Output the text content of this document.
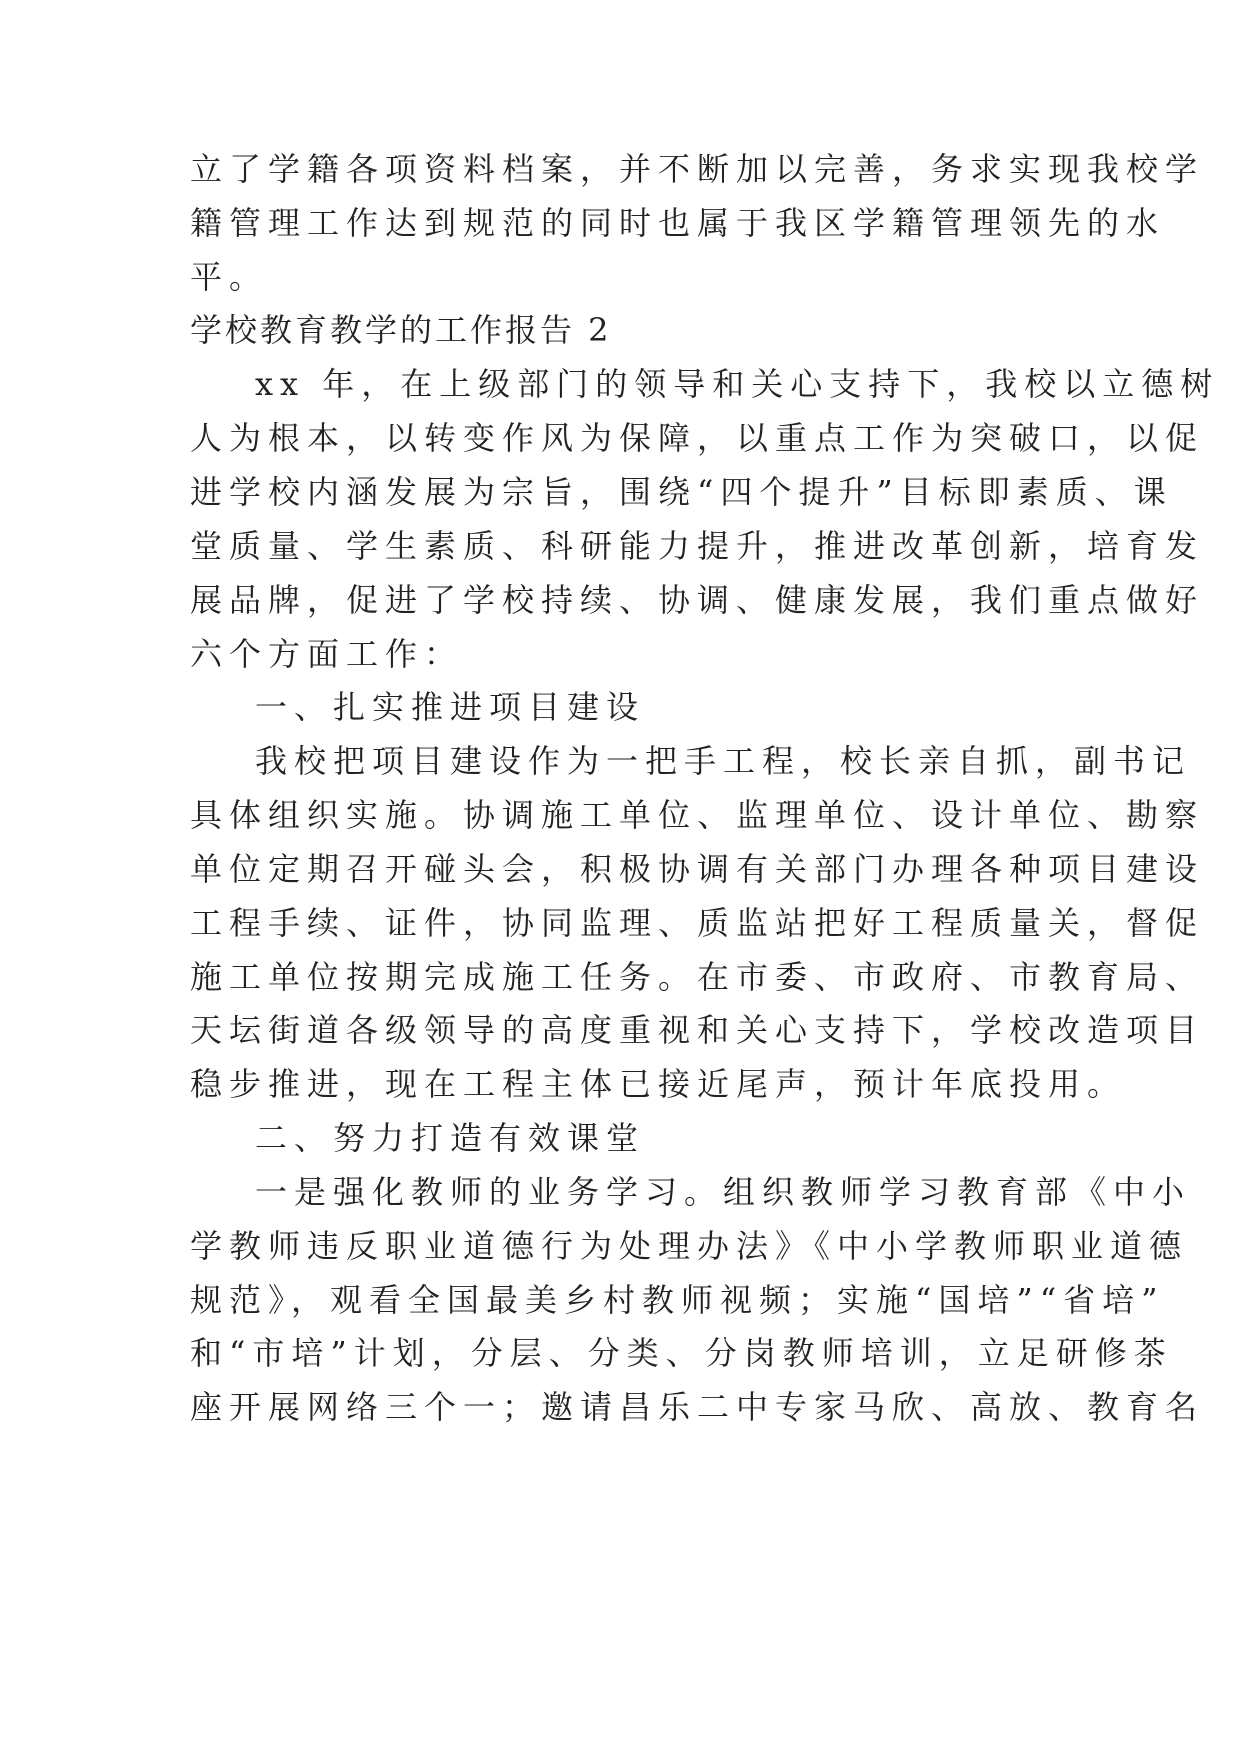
立了学籍各项资料档案，并不断加以完善，务求实现我校学
籍管理工作达到规范的同时也属于我区学籍管理领先的水
平。
学校教育教学的工作报告 2
xx 年，在上级部门的领导和关心支持下，我校以立德树
人为根本，以转变作风为保障，以重点工作为突破口，以促
进学校内涵发展为宗旨，围绕“四个提升”目标即素质、课
堂质量、学生素质、科研能力提升，推进改革创新，培育发
展品牌，促进了学校持续、协调、健康发展，我们重点做好
六个方面工作：
一、扎实推进项目建设
我校把项目建设作为一把手工程，校长亲自抓，副书记
具体组织实施。协调施工单位、监理单位、设计单位、勘察
单位定期召开碰头会，积极协调有关部门办理各种项目建设
工程手续、证件，协同监理、质监站把好工程质量关，督促
施工单位按期完成施工任务。在市委、市政府、市教育局、
天坛街道各级领导的高度重视和关心支持下，学校改造项目
稳步推进，现在工程主体已接近尾声，预计年底投用。
二、努力打造有效课堂
一是强化教师的业务学习。组织教师学习教育部《中小
学教师违反职业道德行为处理办法》《中小学教师职业道德
规范》，观看全国最美乡村教师视频；实施“国培”“省培”
和“市培”计划，分层、分类、分岗教师培训，立足研修茶
座开展网络三个一；邀请昌乐二中专家马欣、高放、教育名
